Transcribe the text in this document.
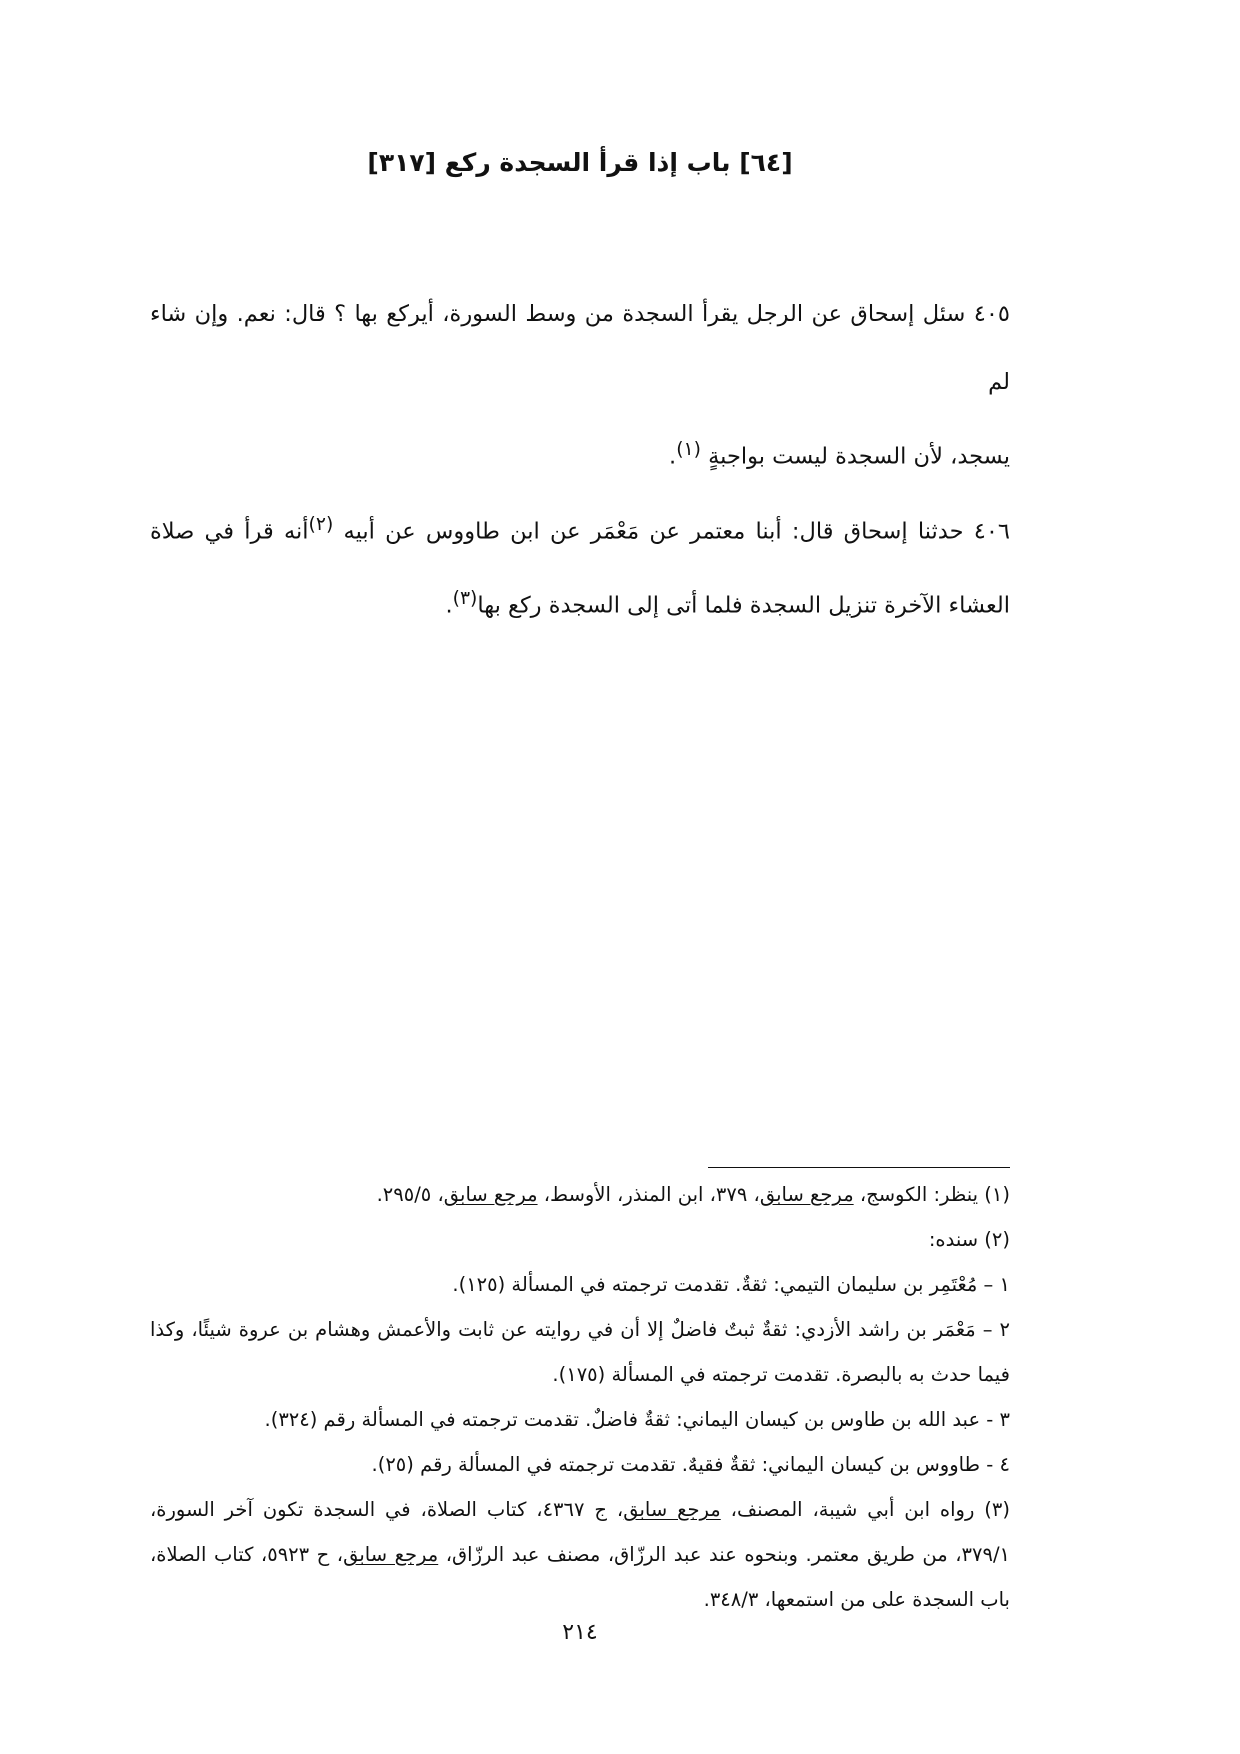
[٦٤] باب إذا قرأ السجدة ركع [٣١٧]

٤٠٥ سئل إسحاق عن الرجل يقرأ السجدة من وسط السورة، أيركع بها ؟ قال: نعم. وإن شاء لم
يسجد، لأن السجدة ليست بواجبةٍ $^{(١)}$.

٤٠٦ حدثنا إسحاق قال: أبنا معتمر عن مَعْمَر عن ابن طاووس عن أبيه $^{(٢)}$أنه قرأ في صلاة العشاء الآخرة تنزيل السجدة فلما أتى إلى السجدة ركع بها$^{(٣)}$.

(١) ينظر: الكوسج، مرجع سابق، ٣٧٩، ابن المنذر، الأوسط، مرجع سابق، ٢٩٥/٥.

(٢) سنده:

١ – مُعْتَمِر بن سليمان التيمي: ثقةٌ. تقدمت ترجمته في المسألة (١٢٥).

٢ – مَعْمَر بن راشد الأزدي: ثقةٌ ثبتٌ فاضلٌ إلا أن في روايته عن ثابت والأعمش وهشام بن عروة شيئًا، وكذا فيما حدث به بالبصرة. تقدمت ترجمته في المسألة (١٧٥).

٣ - عبد الله بن طاوس بن كيسان اليماني: ثقةٌ فاضلٌ. تقدمت ترجمته في المسألة رقم (٣٢٤).

٤ - طاووس بن كيسان اليماني: ثقةٌ فقيهٌ. تقدمت ترجمته في المسألة رقم (٢٥).

(٣) رواه ابن أبي شيبة، المصنف، مرجع سابق، ج ٤٣٦٧، كتاب الصلاة، في السجدة تكون آخر السورة، ٣٧٩/١، من طريق معتمر. وبنحوه عند عبد الرزّاق، مصنف عبد الرزّاق، مرجع سابق، ح ٥٩٢٣، كتاب الصلاة، باب السجدة على من استمعها، ٣٤٨/٣.

٢١٤
